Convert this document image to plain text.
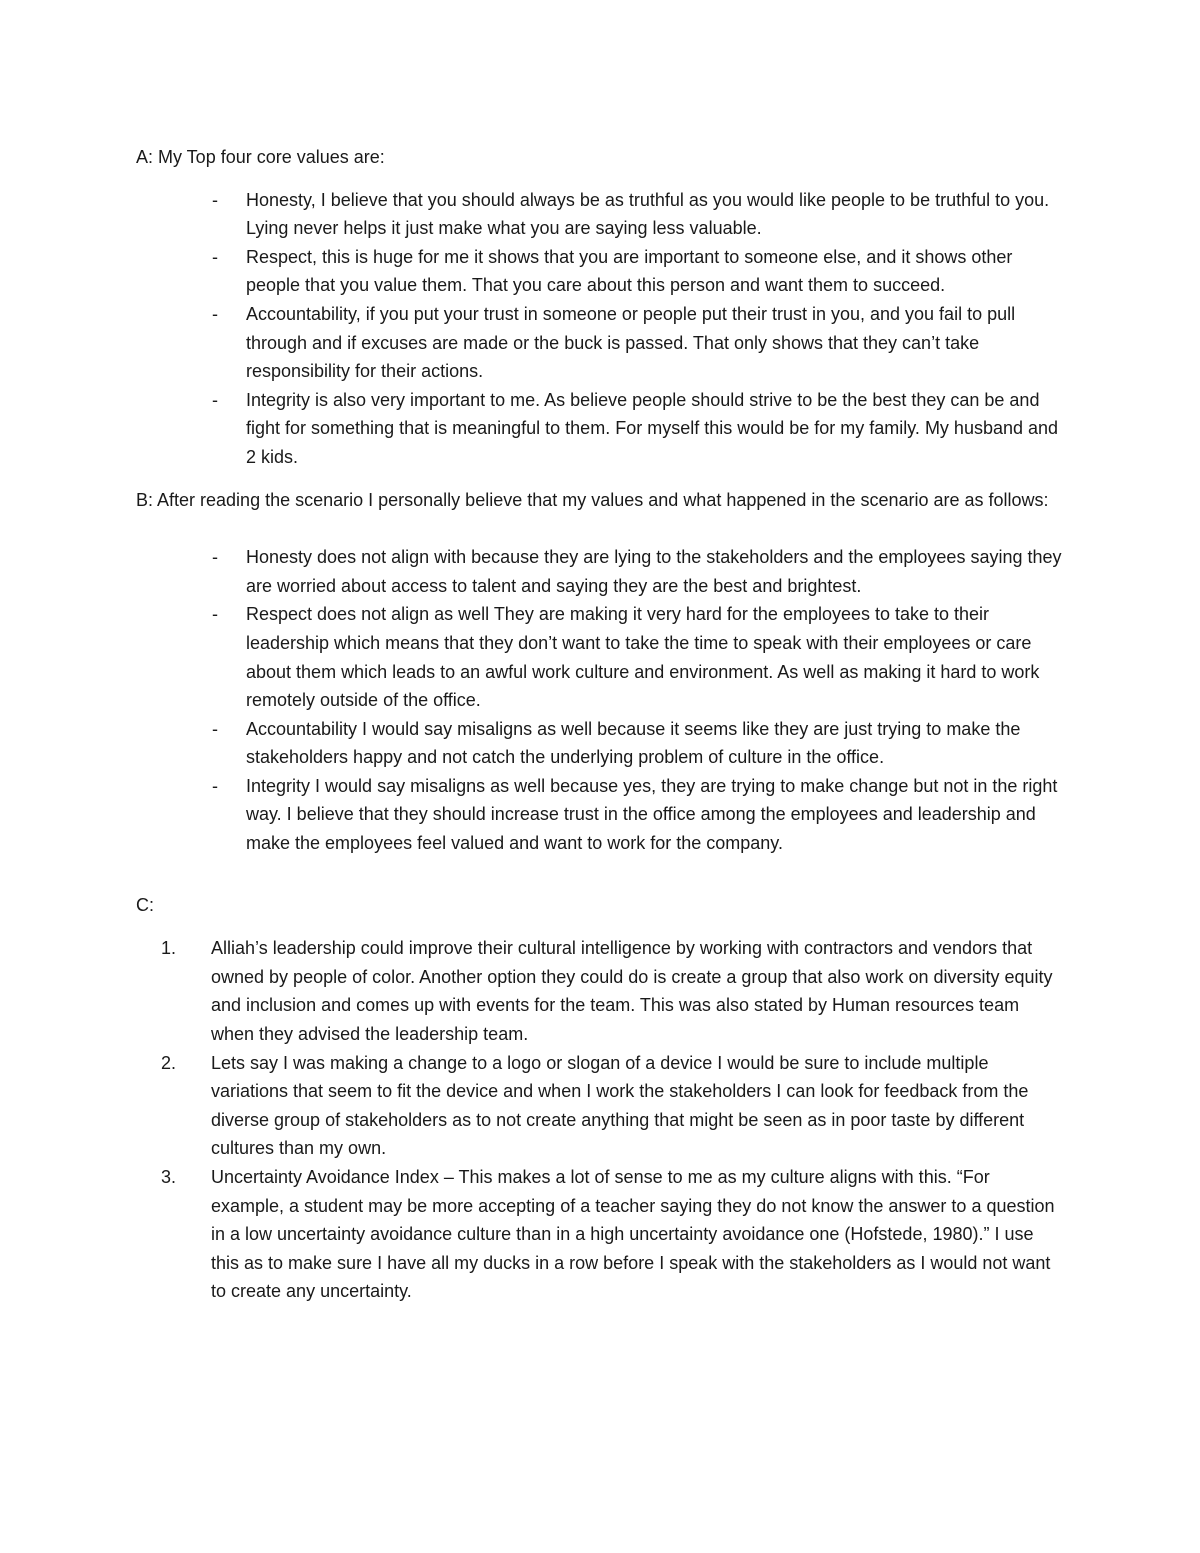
A: My Top four core values are:

- Honesty, I believe that you should always be as truthful as you would like people to be truthful to you. Lying never helps it just make what you are saying less valuable.
- Respect, this is huge for me it shows that you are important to someone else, and it shows other people that you value them. That you care about this person and want them to succeed.
- Accountability, if you put your trust in someone or people put their trust in you, and you fail to pull through and if excuses are made or the buck is passed. That only shows that they can’t take responsibility for their actions.
- Integrity is also very important to me. As believe people should strive to be the best they can be and fight for something that is meaningful to them. For myself this would be for my family. My husband and 2 kids.

B: After reading the scenario I personally believe that my values and what happened in the scenario are as follows:

- Honesty does not align with because they are lying to the stakeholders and the employees saying they are worried about access to talent and saying they are the best and brightest.
- Respect does not align as well They are making it very hard for the employees to take to their leadership which means that they don’t want to take the time to speak with their employees or care about them which leads to an awful work culture and environment. As well as making it hard to work remotely outside of the office.
- Accountability I would say misaligns as well because it seems like they are just trying to make the stakeholders happy and not catch the underlying problem of culture in the office.
- Integrity I would say misaligns as well because yes, they are trying to make change but not in the right way. I believe that they should increase trust in the office among the employees and leadership and make the employees feel valued and want to work for the company.

C:

1. Alliah’s leadership could improve their cultural intelligence by working with contractors and vendors that owned by people of color. Another option they could do is create a group that also work on diversity equity and inclusion and comes up with events for the team. This was also stated by Human resources team when they advised the leadership team.
2. Lets say I was making a change to a logo or slogan of a device I would be sure to include multiple variations that seem to fit the device and when I work the stakeholders I can look for feedback from the diverse group of stakeholders as to not create anything that might be seen as in poor taste by different cultures than my own.
3. Uncertainty Avoidance Index – This makes a lot of sense to me as my culture aligns with this. “For example, a student may be more accepting of a teacher saying they do not know the answer to a question in a low uncertainty avoidance culture than in a high uncertainty avoidance one (Hofstede, 1980).” I use this as to make sure I have all my ducks in a row before I speak with the stakeholders as I would not want to create any uncertainty.
